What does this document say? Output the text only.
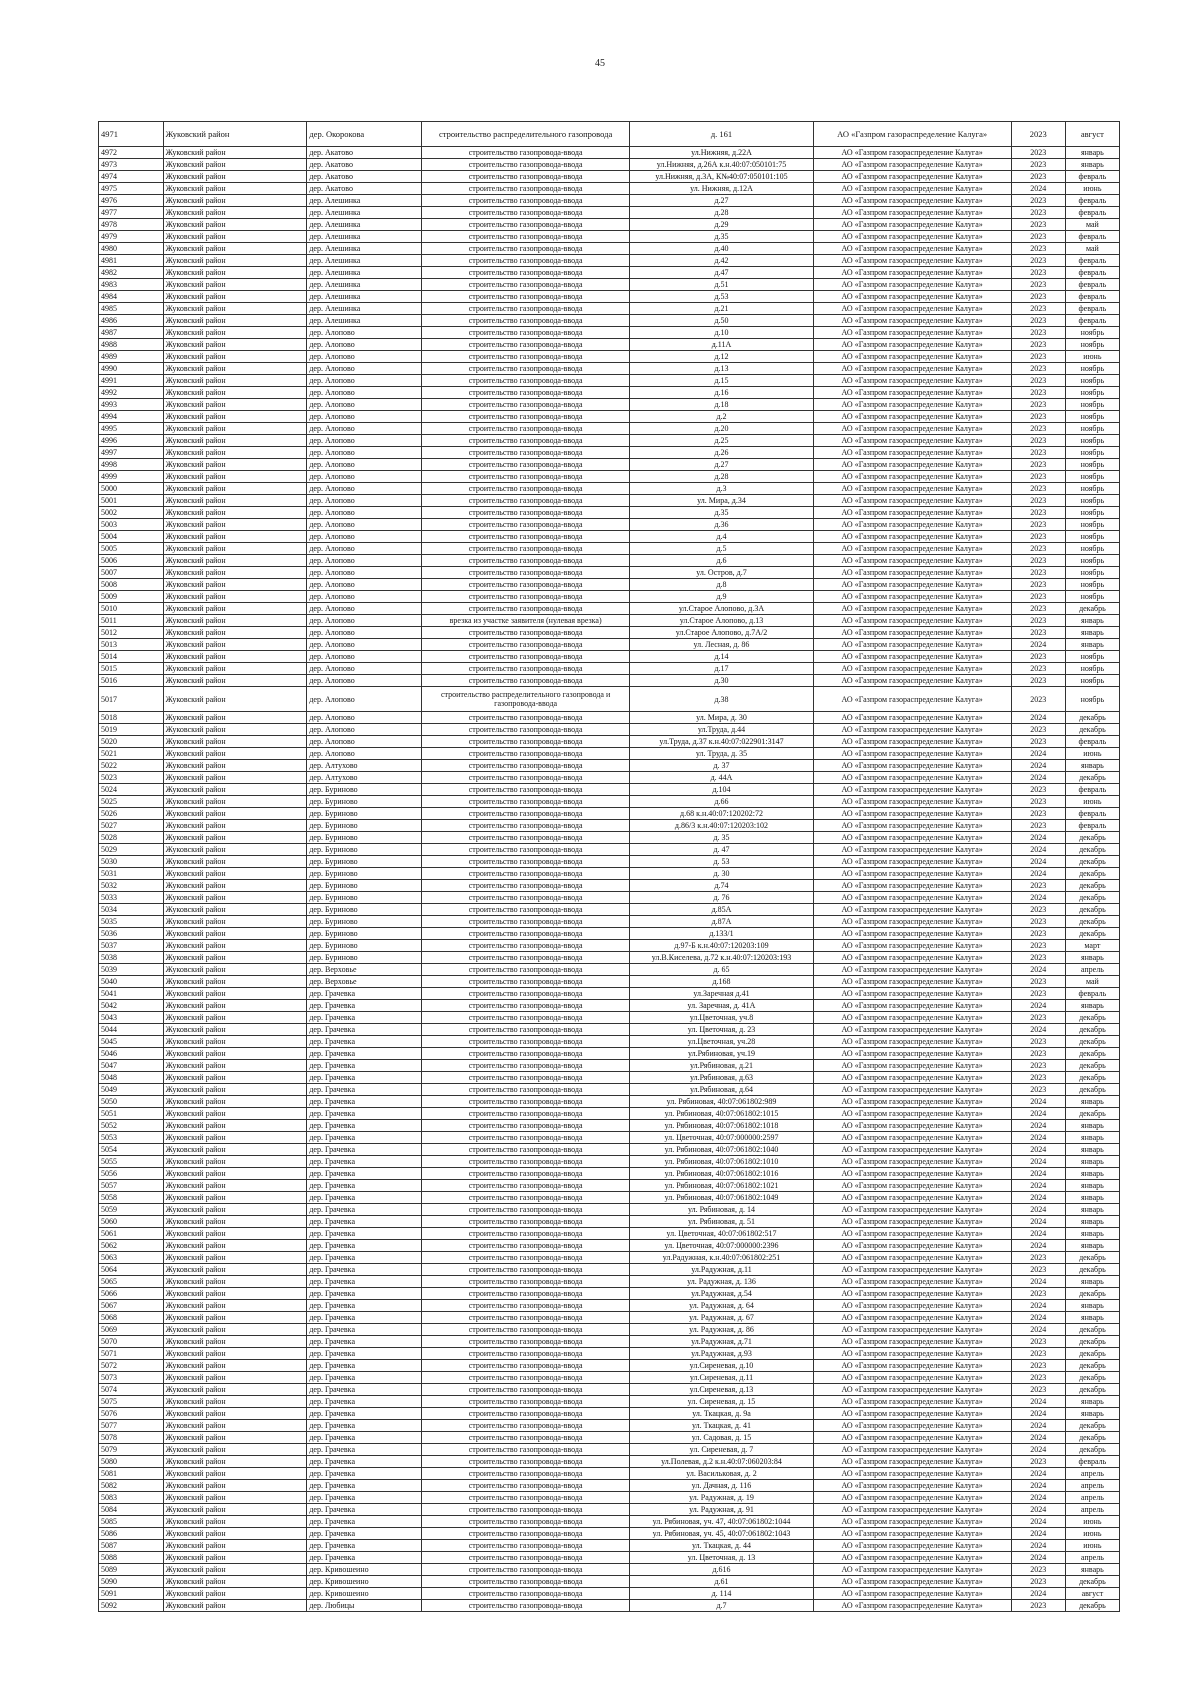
45
4971	Жуковский район	дер. Окорокова	строительство распределительного газопровода	д. 161	АО «Газпром газораспределение Калуга»	2023	август
4972	Жуковский район	дер. Акатово	строительство газопровода-ввода	ул.Нижняя, д.22А	АО «Газпром газораспределение Калуга»	2023	январь
4973	Жуковский район	дер. Акатово	строительство газопровода-ввода	ул.Нижняя, д.26А к.н.40:07:050101:75	АО «Газпром газораспределение Калуга»	2023	январь
4974	Жуковский район	дер. Акатово	строительство газопровода-ввода	ул.Нижняя, д.3А, К№40:07:050101:105	АО «Газпром газораспределение Калуга»	2023	февраль
4975	Жуковский район	дер. Акатово	строительство газопровода-ввода	ул. Нижняя, д.12А	АО «Газпром газораспределение Калуга»	2024	июнь
4976	Жуковский район	дер. Алешинка	строительство газопровода-ввода	д.27	АО «Газпром газораспределение Калуга»	2023	февраль
4977	Жуковский район	дер. Алешинка	строительство газопровода-ввода	д.28	АО «Газпром газораспределение Калуга»	2023	февраль
4978	Жуковский район	дер. Алешинка	строительство газопровода-ввода	д.29	АО «Газпром газораспределение Калуга»	2023	май
4979	Жуковский район	дер. Алешинка	строительство газопровода-ввода	д.35	АО «Газпром газораспределение Калуга»	2023	февраль
4980	Жуковский район	дер. Алешинка	строительство газопровода-ввода	д.40	АО «Газпром газораспределение Калуга»	2023	май
4981	Жуковский район	дер. Алешинка	строительство газопровода-ввода	д.42	АО «Газпром газораспределение Калуга»	2023	февраль
4982	Жуковский район	дер. Алешинка	строительство газопровода-ввода	д.47	АО «Газпром газораспределение Калуга»	2023	февраль
4983	Жуковский район	дер. Алешинка	строительство газопровода-ввода	д.51	АО «Газпром газораспределение Калуга»	2023	февраль
4984	Жуковский район	дер. Алешинка	строительство газопровода-ввода	д.53	АО «Газпром газораспределение Калуга»	2023	февраль
4985	Жуковский район	дер. Алешинка	строительство газопровода-ввода	д.21	АО «Газпром газораспределение Калуга»	2023	февраль
4986	Жуковский район	дер. Алешинка	строительство газопровода-ввода	д.50	АО «Газпром газораспределение Калуга»	2023	февраль
4987	Жуковский район	дер. Алопово	строительство газопровода-ввода	д.10	АО «Газпром газораспределение Калуга»	2023	ноябрь
4988	Жуковский район	дер. Алопово	строительство газопровода-ввода	д.11А	АО «Газпром газораспределение Калуга»	2023	ноябрь
4989	Жуковский район	дер. Алопово	строительство газопровода-ввода	д.12	АО «Газпром газораспределение Калуга»	2023	июнь
4990	Жуковский район	дер. Алопово	строительство газопровода-ввода	д.13	АО «Газпром газораспределение Калуга»	2023	ноябрь
4991	Жуковский район	дер. Алопово	строительство газопровода-ввода	д.15	АО «Газпром газораспределение Калуга»	2023	ноябрь
4992	Жуковский район	дер. Алопово	строительство газопровода-ввода	д.16	АО «Газпром газораспределение Калуга»	2023	ноябрь
4993	Жуковский район	дер. Алопово	строительство газопровода-ввода	д.18	АО «Газпром газораспределение Калуга»	2023	ноябрь
4994	Жуковский район	дер. Алопово	строительство газопровода-ввода	д.2	АО «Газпром газораспределение Калуга»	2023	ноябрь
4995	Жуковский район	дер. Алопово	строительство газопровода-ввода	д.20	АО «Газпром газораспределение Калуга»	2023	ноябрь
4996	Жуковский район	дер. Алопово	строительство газопровода-ввода	д.25	АО «Газпром газораспределение Калуга»	2023	ноябрь
4997	Жуковский район	дер. Алопово	строительство газопровода-ввода	д.26	АО «Газпром газораспределение Калуга»	2023	ноябрь
4998	Жуковский район	дер. Алопово	строительство газопровода-ввода	д.27	АО «Газпром газораспределение Калуга»	2023	ноябрь
4999	Жуковский район	дер. Алопово	строительство газопровода-ввода	д.28	АО «Газпром газораспределение Калуга»	2023	ноябрь
5000	Жуковский район	дер. Алопово	строительство газопровода-ввода	д.3	АО «Газпром газораспределение Калуга»	2023	ноябрь
5001	Жуковский район	дер. Алопово	строительство газопровода-ввода	ул. Мира, д.34	АО «Газпром газораспределение Калуга»	2023	ноябрь
5002	Жуковский район	дер. Алопово	строительство газопровода-ввода	д.35	АО «Газпром газораспределение Калуга»	2023	ноябрь
5003	Жуковский район	дер. Алопово	строительство газопровода-ввода	д.36	АО «Газпром газораспределение Калуга»	2023	ноябрь
5004	Жуковский район	дер. Алопово	строительство газопровода-ввода	д.4	АО «Газпром газораспределение Калуга»	2023	ноябрь
5005	Жуковский район	дер. Алопово	строительство газопровода-ввода	д.5	АО «Газпром газораспределение Калуга»	2023	ноябрь
5006	Жуковский район	дер. Алопово	строительство газопровода-ввода	д.6	АО «Газпром газораспределение Калуга»	2023	ноябрь
5007	Жуковский район	дер. Алопово	строительство газопровода-ввода	ул. Остров, д.7	АО «Газпром газораспределение Калуга»	2023	ноябрь
5008	Жуковский район	дер. Алопово	строительство газопровода-ввода	д.8	АО «Газпром газораспределение Калуга»	2023	ноябрь
5009	Жуковский район	дер. Алопово	строительство газопровода-ввода	д.9	АО «Газпром газораспределение Калуга»	2023	ноябрь
5010	Жуковский район	дер. Алопово	строительство газопровода-ввода	ул.Старое Алопово, д.3А	АО «Газпром газораспределение Калуга»	2023	декабрь
5011	Жуковский район	дер. Алопово	врезка из участке заявителя (нулевая врезка)	ул.Старое Алопово, д.13	АО «Газпром газораспределение Калуга»	2023	январь
5012	Жуковский район	дер. Алопово	строительство газопровода-ввода	ул.Старое Алопово, д.7А/2	АО «Газпром газораспределение Калуга»	2023	январь
5013	Жуковский район	дер. Алопово	строительство газопровода-ввода	ул. Лесная, д. 86	АО «Газпром газораспределение Калуга»	2024	январь
5014	Жуковский район	дер. Алопово	строительство газопровода-ввода	д.14	АО «Газпром газораспределение Калуга»	2023	ноябрь
5015	Жуковский район	дер. Алопово	строительство газопровода-ввода	д.17	АО «Газпром газораспределение Калуга»	2023	ноябрь
5016	Жуковский район	дер. Алопово	строительство газопровода-ввода	д.30	АО «Газпром газораспределение Калуга»	2023	ноябрь
5017	Жуковский район	дер. Алопово	строительство распределительного газопровода и газопровода-ввода	д.38	АО «Газпром газораспределение Калуга»	2023	ноябрь
5018	Жуковский район	дер. Алопово	строительство газопровода-ввода	ул. Мира, д. 30	АО «Газпром газораспределение Калуга»	2024	декабрь
5019	Жуковский район	дер. Алопово	строительство газопровода-ввода	ул.Труда, д.44	АО «Газпром газораспределение Калуга»	2023	декабрь
5020	Жуковский район	дер. Алопово	строительство газопровода-ввода	ул.Труда, д.37 к.н.40:07:022901:3147	АО «Газпром газораспределение Калуга»	2023	февраль
5021	Жуковский район	дер. Алопово	строительство газопровода-ввода	ул. Труда, д. 35	АО «Газпром газораспределение Калуга»	2024	июнь
5022	Жуковский район	дер. Алтухово	строительство газопровода-ввода	д. 37	АО «Газпром газораспределение Калуга»	2024	январь
5023	Жуковский район	дер. Алтухово	строительство газопровода-ввода	д. 44А	АО «Газпром газораспределение Калуга»	2024	декабрь
5024	Жуковский район	дер. Буриново	строительство газопровода-ввода	д.104	АО «Газпром газораспределение Калуга»	2023	февраль
5025	Жуковский район	дер. Буриново	строительство газопровода-ввода	д.66	АО «Газпром газораспределение Калуга»	2023	июнь
5026	Жуковский район	дер. Буриново	строительство газопровода-ввода	д.68 к.н.40:07:120202:72	АО «Газпром газораспределение Калуга»	2023	февраль
5027	Жуковский район	дер. Буриново	строительство газопровода-ввода	д.86/3 к.н.40:07:120203:102	АО «Газпром газораспределение Калуга»	2023	февраль
5028	Жуковский район	дер. Буриново	строительство газопровода-ввода	д. 35	АО «Газпром газораспределение Калуга»	2024	декабрь
5029	Жуковский район	дер. Буриново	строительство газопровода-ввода	д. 47	АО «Газпром газораспределение Калуга»	2024	декабрь
5030	Жуковский район	дер. Буриново	строительство газопровода-ввода	д. 53	АО «Газпром газораспределение Калуга»	2024	декабрь
5031	Жуковский район	дер. Буриново	строительство газопровода-ввода	д. 30	АО «Газпром газораспределение Калуга»	2024	декабрь
5032	Жуковский район	дер. Буриново	строительство газопровода-ввода	д.74	АО «Газпром газораспределение Калуга»	2023	декабрь
5033	Жуковский район	дер. Буриново	строительство газопровода-ввода	д. 76	АО «Газпром газораспределение Калуга»	2024	декабрь
5034	Жуковский район	дер. Буриново	строительство газопровода-ввода	д.85А	АО «Газпром газораспределение Калуга»	2023	декабрь
5035	Жуковский район	дер. Буриново	строительство газопровода-ввода	д.87А	АО «Газпром газораспределение Калуга»	2023	декабрь
5036	Жуковский район	дер. Буриново	строительство газопровода-ввода	д.133/1	АО «Газпром газораспределение Калуга»	2023	декабрь
5037	Жуковский район	дер. Буриново	строительство газопровода-ввода	д.97-Б к.н.40:07:120203:109	АО «Газпром газораспределение Калуга»	2023	март
5038	Жуковский район	дер. Буриново	строительство газопровода-ввода	ул.В.Киселева, д.72 к.н.40:07:120203:193	АО «Газпром газораспределение Калуга»	2023	январь
5039	Жуковский район	дер. Верховье	строительство газопровода-ввода	д. 65	АО «Газпром газораспределение Калуга»	2024	апрель
5040	Жуковский район	дер. Верховье	строительство газопровода-ввода	д.168	АО «Газпром газораспределение Калуга»	2023	май
5041	Жуковский район	дер. Грачевка	строительство газопровода-ввода	ул.Заречная д.41	АО «Газпром газораспределение Калуга»	2023	февраль
5042	Жуковский район	дер. Грачевка	строительство газопровода-ввода	ул. Заречная, д. 41А	АО «Газпром газораспределение Калуга»	2024	январь
5043	Жуковский район	дер. Грачевка	строительство газопровода-ввода	ул.Цветочная, уч.8	АО «Газпром газораспределение Калуга»	2023	декабрь
5044	Жуковский район	дер. Грачевка	строительство газопровода-ввода	ул. Цветочная, д. 23	АО «Газпром газораспределение Калуга»	2024	декабрь
5045	Жуковский район	дер. Грачевка	строительство газопровода-ввода	ул.Цветочная, уч.28	АО «Газпром газораспределение Калуга»	2023	декабрь
5046	Жуковский район	дер. Грачевка	строительство газопровода-ввода	ул.Рябиновая, уч.19	АО «Газпром газораспределение Калуга»	2023	декабрь
5047	Жуковский район	дер. Грачевка	строительство газопровода-ввода	ул.Рябиновая, д.21	АО «Газпром газораспределение Калуга»	2023	декабрь
5048	Жуковский район	дер. Грачевка	строительство газопровода-ввода	ул.Рябиновая, д.63	АО «Газпром газораспределение Калуга»	2023	декабрь
5049	Жуковский район	дер. Грачевка	строительство газопровода-ввода	ул.Рябиновая, д.64	АО «Газпром газораспределение Калуга»	2023	декабрь
5050	Жуковский район	дер. Грачевка	строительство газопровода-ввода	ул. Рябиновая, 40:07:061802:989	АО «Газпром газораспределение Калуга»	2024	январь
5051	Жуковский район	дер. Грачевка	строительство газопровода-ввода	ул. Рябиновая, 40:07:061802:1015	АО «Газпром газораспределение Калуга»	2024	декабрь
5052	Жуковский район	дер. Грачевка	строительство газопровода-ввода	ул. Рябиновая, 40:07:061802:1018	АО «Газпром газораспределение Калуга»	2024	январь
5053	Жуковский район	дер. Грачевка	строительство газопровода-ввода	ул. Цветочная, 40:07:000000:2597	АО «Газпром газораспределение Калуга»	2024	январь
5054	Жуковский район	дер. Грачевка	строительство газопровода-ввода	ул. Рябиновая, 40:07:061802:1040	АО «Газпром газораспределение Калуга»	2024	январь
5055	Жуковский район	дер. Грачевка	строительство газопровода-ввода	ул. Рябиновая, 40:07:061802:1010	АО «Газпром газораспределение Калуга»	2024	январь
5056	Жуковский район	дер. Грачевка	строительство газопровода-ввода	ул. Рябиновая, 40:07:061802:1016	АО «Газпром газораспределение Калуга»	2024	январь
5057	Жуковский район	дер. Грачевка	строительство газопровода-ввода	ул. Рябиновая, 40:07:061802:1021	АО «Газпром газораспределение Калуга»	2024	январь
5058	Жуковский район	дер. Грачевка	строительство газопровода-ввода	ул. Рябиновая, 40:07:061802:1049	АО «Газпром газораспределение Калуга»	2024	январь
5059	Жуковский район	дер. Грачевка	строительство газопровода-ввода	ул. Рябиновая, д. 14	АО «Газпром газораспределение Калуга»	2024	январь
5060	Жуковский район	дер. Грачевка	строительство газопровода-ввода	ул. Рябиновая, д. 51	АО «Газпром газораспределение Калуга»	2024	январь
5061	Жуковский район	дер. Грачевка	строительство газопровода-ввода	ул. Цветочная, 40:07:061802:517	АО «Газпром газораспределение Калуга»	2024	январь
5062	Жуковский район	дер. Грачевка	строительство газопровода-ввода	ул. Цветочная, 40:07:000000:2396	АО «Газпром газораспределение Калуга»	2024	январь
5063	Жуковский район	дер. Грачевка	строительство газопровода-ввода	ул.Радужная, к.н.40:07:061802:251	АО «Газпром газораспределение Калуга»	2023	декабрь
5064	Жуковский район	дер. Грачевка	строительство газопровода-ввода	ул.Радужная, д.11	АО «Газпром газораспределение Калуга»	2023	декабрь
5065	Жуковский район	дер. Грачевка	строительство газопровода-ввода	ул. Радужная, д. 136	АО «Газпром газораспределение Калуга»	2024	январь
5066	Жуковский район	дер. Грачевка	строительство газопровода-ввода	ул.Радужная, д.54	АО «Газпром газораспределение Калуга»	2023	декабрь
5067	Жуковский район	дер. Грачевка	строительство газопровода-ввода	ул. Радужная, д. 64	АО «Газпром газораспределение Калуга»	2024	январь
5068	Жуковский район	дер. Грачевка	строительство газопровода-ввода	ул. Радужная, д. 67	АО «Газпром газораспределение Калуга»	2024	январь
5069	Жуковский район	дер. Грачевка	строительство газопровода-ввода	ул. Радужная, д. 86	АО «Газпром газораспределение Калуга»	2024	декабрь
5070	Жуковский район	дер. Грачевка	строительство газопровода-ввода	ул.Радужная, д.71	АО «Газпром газораспределение Калуга»	2023	декабрь
5071	Жуковский район	дер. Грачевка	строительство газопровода-ввода	ул.Радужная, д.93	АО «Газпром газораспределение Калуга»	2023	декабрь
5072	Жуковский район	дер. Грачевка	строительство газопровода-ввода	ул.Сиреневая, д.10	АО «Газпром газораспределение Калуга»	2023	декабрь
5073	Жуковский район	дер. Грачевка	строительство газопровода-ввода	ул.Сиреневая, д.11	АО «Газпром газораспределение Калуга»	2023	декабрь
5074	Жуковский район	дер. Грачевка	строительство газопровода-ввода	ул.Сиреневая, д.13	АО «Газпром газораспределение Калуга»	2023	декабрь
5075	Жуковский район	дер. Грачевка	строительство газопровода-ввода	ул. Сиреневая, д. 15	АО «Газпром газораспределение Калуга»	2024	январь
5076	Жуковский район	дер. Грачевка	строительство газопровода-ввода	ул. Ткацкая, д. 9а	АО «Газпром газораспределение Калуга»	2024	январь
5077	Жуковский район	дер. Грачевка	строительство газопровода-ввода	ул. Ткацкая, д. 41	АО «Газпром газораспределение Калуга»	2024	декабрь
5078	Жуковский район	дер. Грачевка	строительство газопровода-ввода	ул. Садовая, д. 15	АО «Газпром газораспределение Калуга»	2024	декабрь
5079	Жуковский район	дер. Грачевка	строительство газопровода-ввода	ул. Сиреневая, д. 7	АО «Газпром газораспределение Калуга»	2024	декабрь
5080	Жуковский район	дер. Грачевка	строительство газопровода-ввода	ул.Полевая, д.2 к.н.40:07:060203:84	АО «Газпром газораспределение Калуга»	2023	февраль
5081	Жуковский район	дер. Грачевка	строительство газопровода-ввода	ул. Васильковая, д. 2	АО «Газпром газораспределение Калуга»	2024	апрель
5082	Жуковский район	дер. Грачевка	строительство газопровода-ввода	ул. Дачная, д. 116	АО «Газпром газораспределение Калуга»	2024	апрель
5083	Жуковский район	дер. Грачевка	строительство газопровода-ввода	ул. Радужная, д. 19	АО «Газпром газораспределение Калуга»	2024	апрель
5084	Жуковский район	дер. Грачевка	строительство газопровода-ввода	ул. Радужная, д. 91	АО «Газпром газораспределение Калуга»	2024	апрель
5085	Жуковский район	дер. Грачевка	строительство газопровода-ввода	ул. Рябиновая, уч. 47, 40:07:061802:1044	АО «Газпром газораспределение Калуга»	2024	июнь
5086	Жуковский район	дер. Грачевка	строительство газопровода-ввода	ул. Рябиновая, уч. 45, 40:07:061802:1043	АО «Газпром газораспределение Калуга»	2024	июнь
5087	Жуковский район	дер. Грачевка	строительство газопровода-ввода	ул. Ткацкая, д. 44	АО «Газпром газораспределение Калуга»	2024	июнь
5088	Жуковский район	дер. Грачевка	строительство газопровода-ввода	ул. Цветочная, д. 13	АО «Газпром газораспределение Калуга»	2024	апрель
5089	Жуковский район	дер. Кривошеино	строительство газопровода-ввода	д.616	АО «Газпром газораспределение Калуга»	2023	январь
5090	Жуковский район	дер. Кривошеино	строительство газопровода-ввода	д.61	АО «Газпром газораспределение Калуга»	2023	декабрь
5091	Жуковский район	дер. Кривошеино	строительство газопровода-ввода	д. 114	АО «Газпром газораспределение Калуга»	2024	август
5092	Жуковский район	дер. Любицы	строительство газопровода-ввода	д.7	АО «Газпром газораспределение Калуга»	2023	декабрь
